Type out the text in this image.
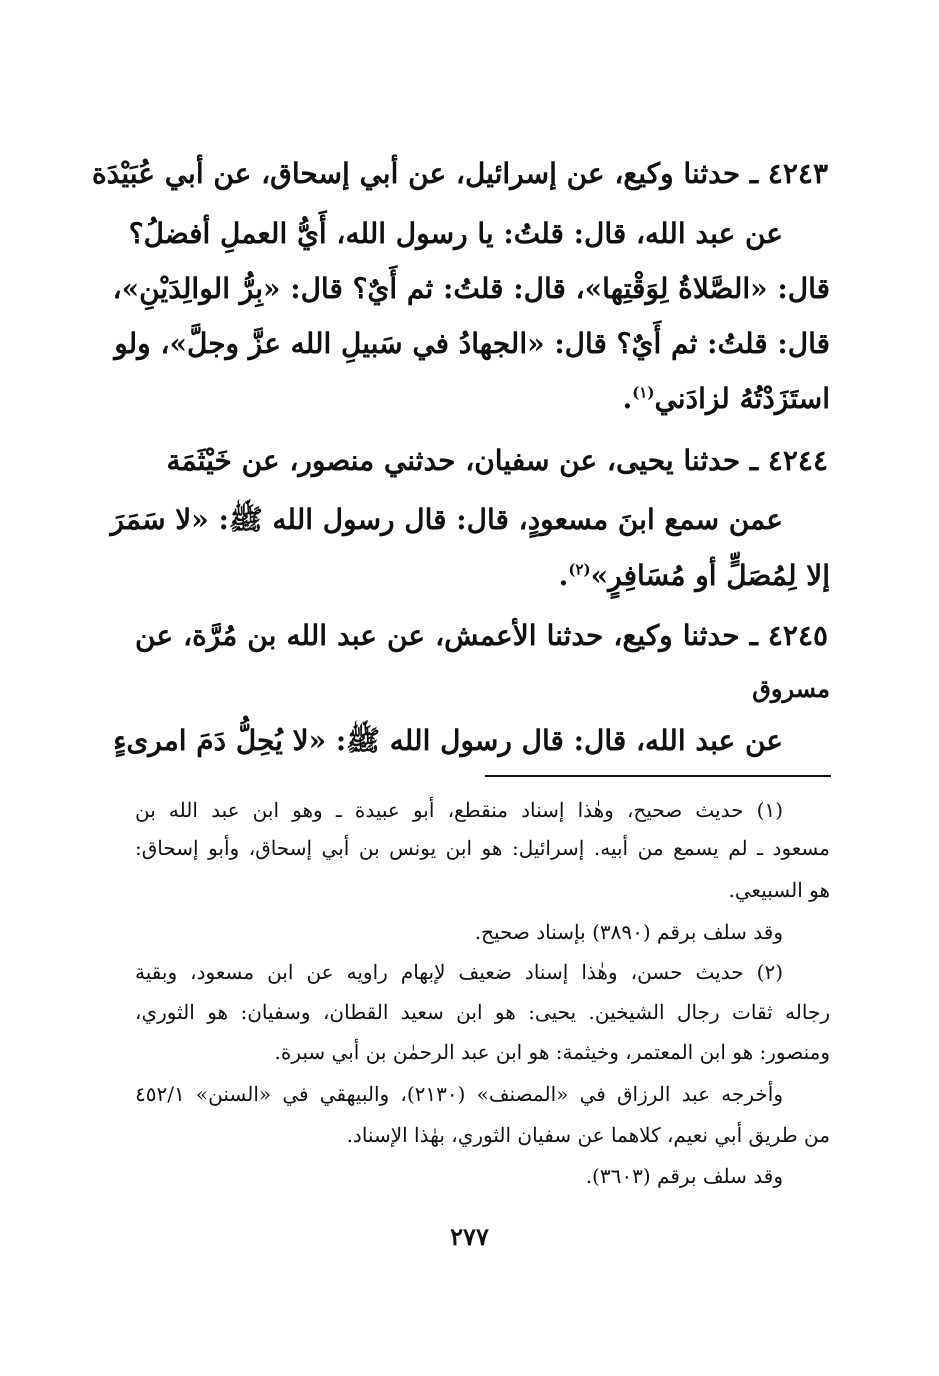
٤٢٤٣ ـ حدثنا وكيع، عن إسرائيل، عن أبي إسحاق، عن أبي عُبَيْدَة
عن عبد الله، قال: قلتُ: يا رسول الله، أَيُّ العملِ أفضلُ؟
قال: «الصَّلاةُ لِوَقْتِها»، قال: قلتُ: ثم أَيٌ؟ قال: «بِرُّ الوالِدَيْنِ»،
قال: قلتُ: ثم أَيٌ؟ قال: «الجهادُ في سَبيلِ الله عزَّ وجلَّ»، ولو
استَزَدْتُهُ لزادَني$^{(١)}$.
٤٢٤٤ ـ حدثنا يحيى، عن سفيان، حدثني منصور، عن خَيْثَمَة
عمن سمع ابنَ مسعودٍ، قال: قال رسول الله ﷺ: «لا سَمَرَ
إلا لِمُصَلٍّ أو مُسَافِرٍ»$^{(٢)}$.
٤٢٤٥ ـ حدثنا وكيع، حدثنا الأعمش، عن عبد الله بن مُرَّة، عن
مسروق
عن عبد الله، قال: قال رسول الله ﷺ: «لا يُحِلُّ دَمَ امرىءٍ
(١) حديث صحيح، وهٰذا إسناد منقطع، أبو عبيدة ـ وهو ابن عبد الله بن
مسعود ـ لم يسمع من أبيه. إسرائيل: هو ابن يونس بن أبي إسحاق، وأبو إسحاق:
هو السبيعي.
وقد سلف برقم (٣٨٩٠) بإسناد صحيح.
(٢) حديث حسن، وهٰذا إسناد ضعيف لإبهام راويه عن ابن مسعود، وبقية
رجاله ثقات رجال الشيخين. يحيى: هو ابن سعيد القطان، وسفيان: هو الثوري،
ومنصور: هو ابن المعتمر، وخيثمة: هو ابن عبد الرحمٰن بن أبي سبرة.
وأخرجه عبد الرزاق في «المصنف» (٢١٣٠)، والبيهقي في «السنن» ٤٥٢/١
من طريق أبي نعيم، كلاهما عن سفيان الثوري، بهٰذا الإسناد.
وقد سلف برقم (٣٦٠٣).
٢٧٧
